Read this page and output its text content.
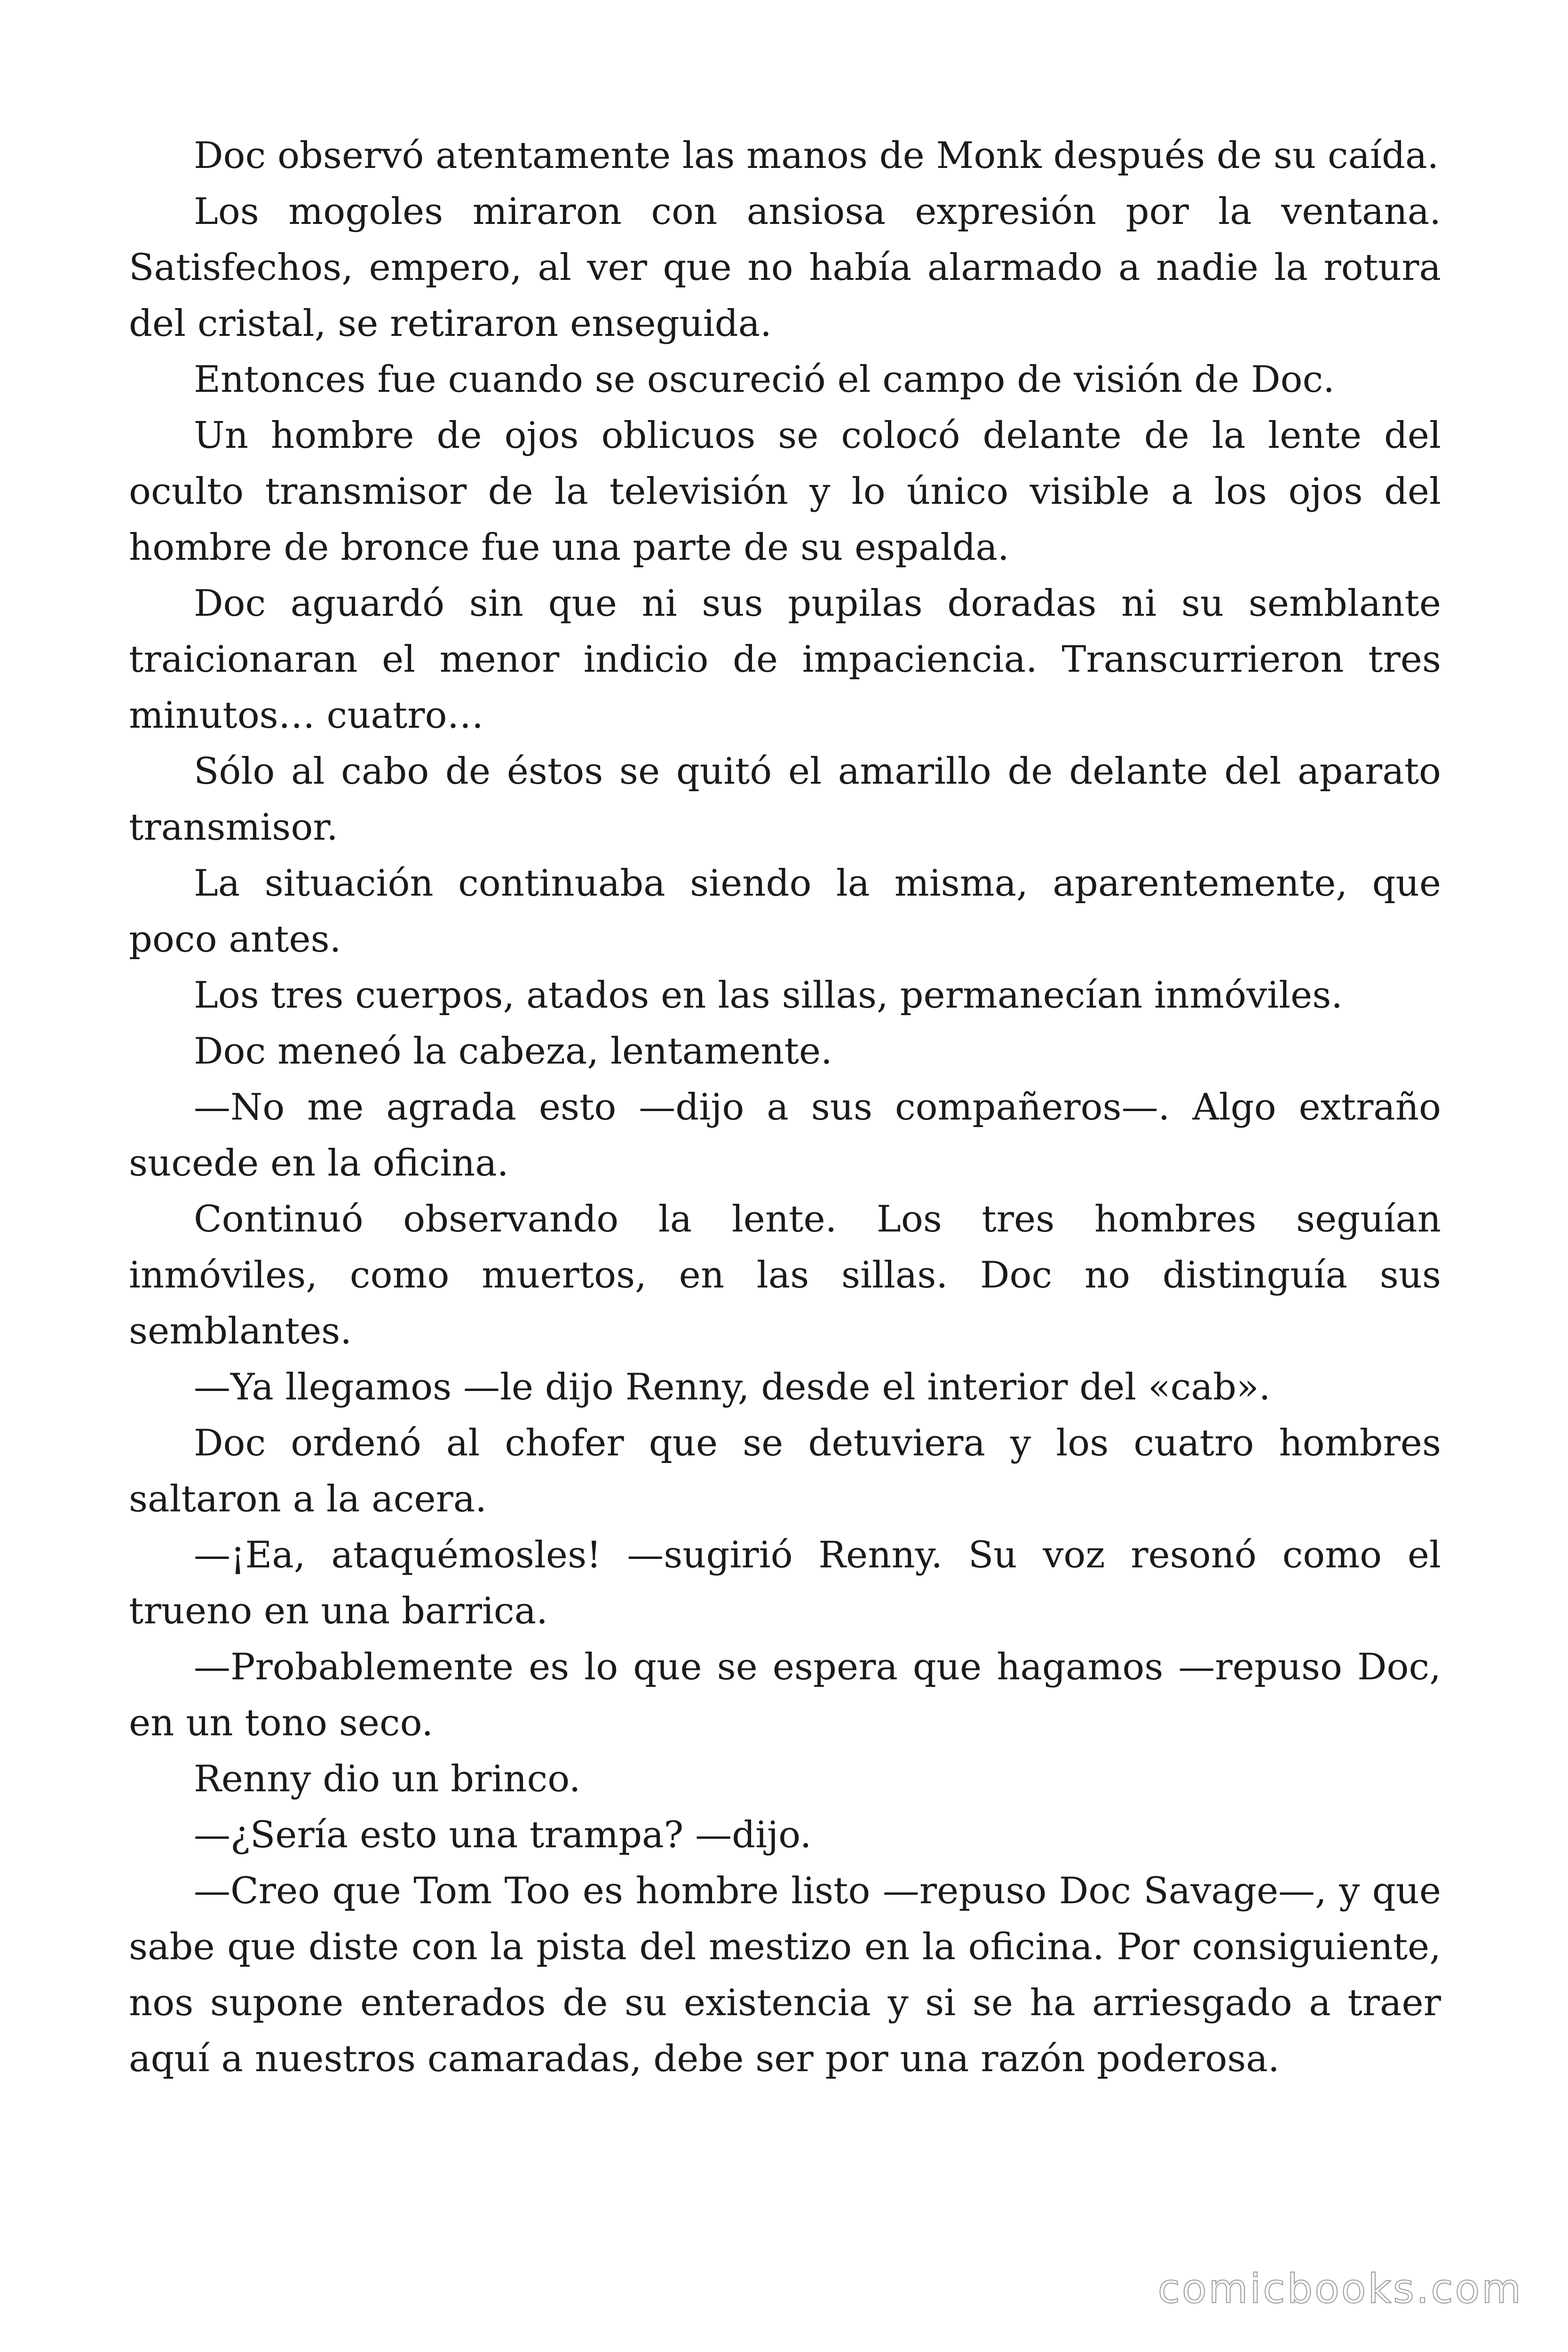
Doc observó atentamente las manos de Monk después de su caída.

Los mogoles miraron con ansiosa expresión por la ventana. Satisfechos, empero, al ver que no había alarmado a nadie la rotura del cristal, se retiraron enseguida.

Entonces fue cuando se oscureció el campo de visión de Doc.

Un hombre de ojos oblicuos se colocó delante de la lente del oculto transmisor de la televisión y lo único visible a los ojos del hombre de bronce fue una parte de su espalda.

Doc aguardó sin que ni sus pupilas doradas ni su semblante traicionaran el menor indicio de impaciencia. Transcurrieron tres minutos… cuatro…

Sólo al cabo de éstos se quitó el amarillo de delante del aparato transmisor.

La situación continuaba siendo la misma, aparentemente, que poco antes.

Los tres cuerpos, atados en las sillas, permanecían inmóviles.

Doc meneó la cabeza, lentamente.

—No me agrada esto —dijo a sus compañeros—. Algo extraño sucede en la oficina.

Continuó observando la lente. Los tres hombres seguían inmóviles, como muertos, en las sillas. Doc no distinguía sus semblantes.

—Ya llegamos —le dijo Renny, desde el interior del «cab».

Doc ordenó al chofer que se detuviera y los cuatro hombres saltaron a la acera.

—¡Ea, ataquémosles! —sugirió Renny. Su voz resonó como el trueno en una barrica.

—Probablemente es lo que se espera que hagamos —repuso Doc, en un tono seco.

Renny dio un brinco.

—¿Sería esto una trampa? —dijo.

—Creo que Tom Too es hombre listo —repuso Doc Savage—, y que sabe que diste con la pista del mestizo en la oficina. Por consiguiente, nos supone enterados de su existencia y si se ha arriesgado a traer aquí a nuestros camaradas, debe ser por una razón poderosa.

comicbooks.com
